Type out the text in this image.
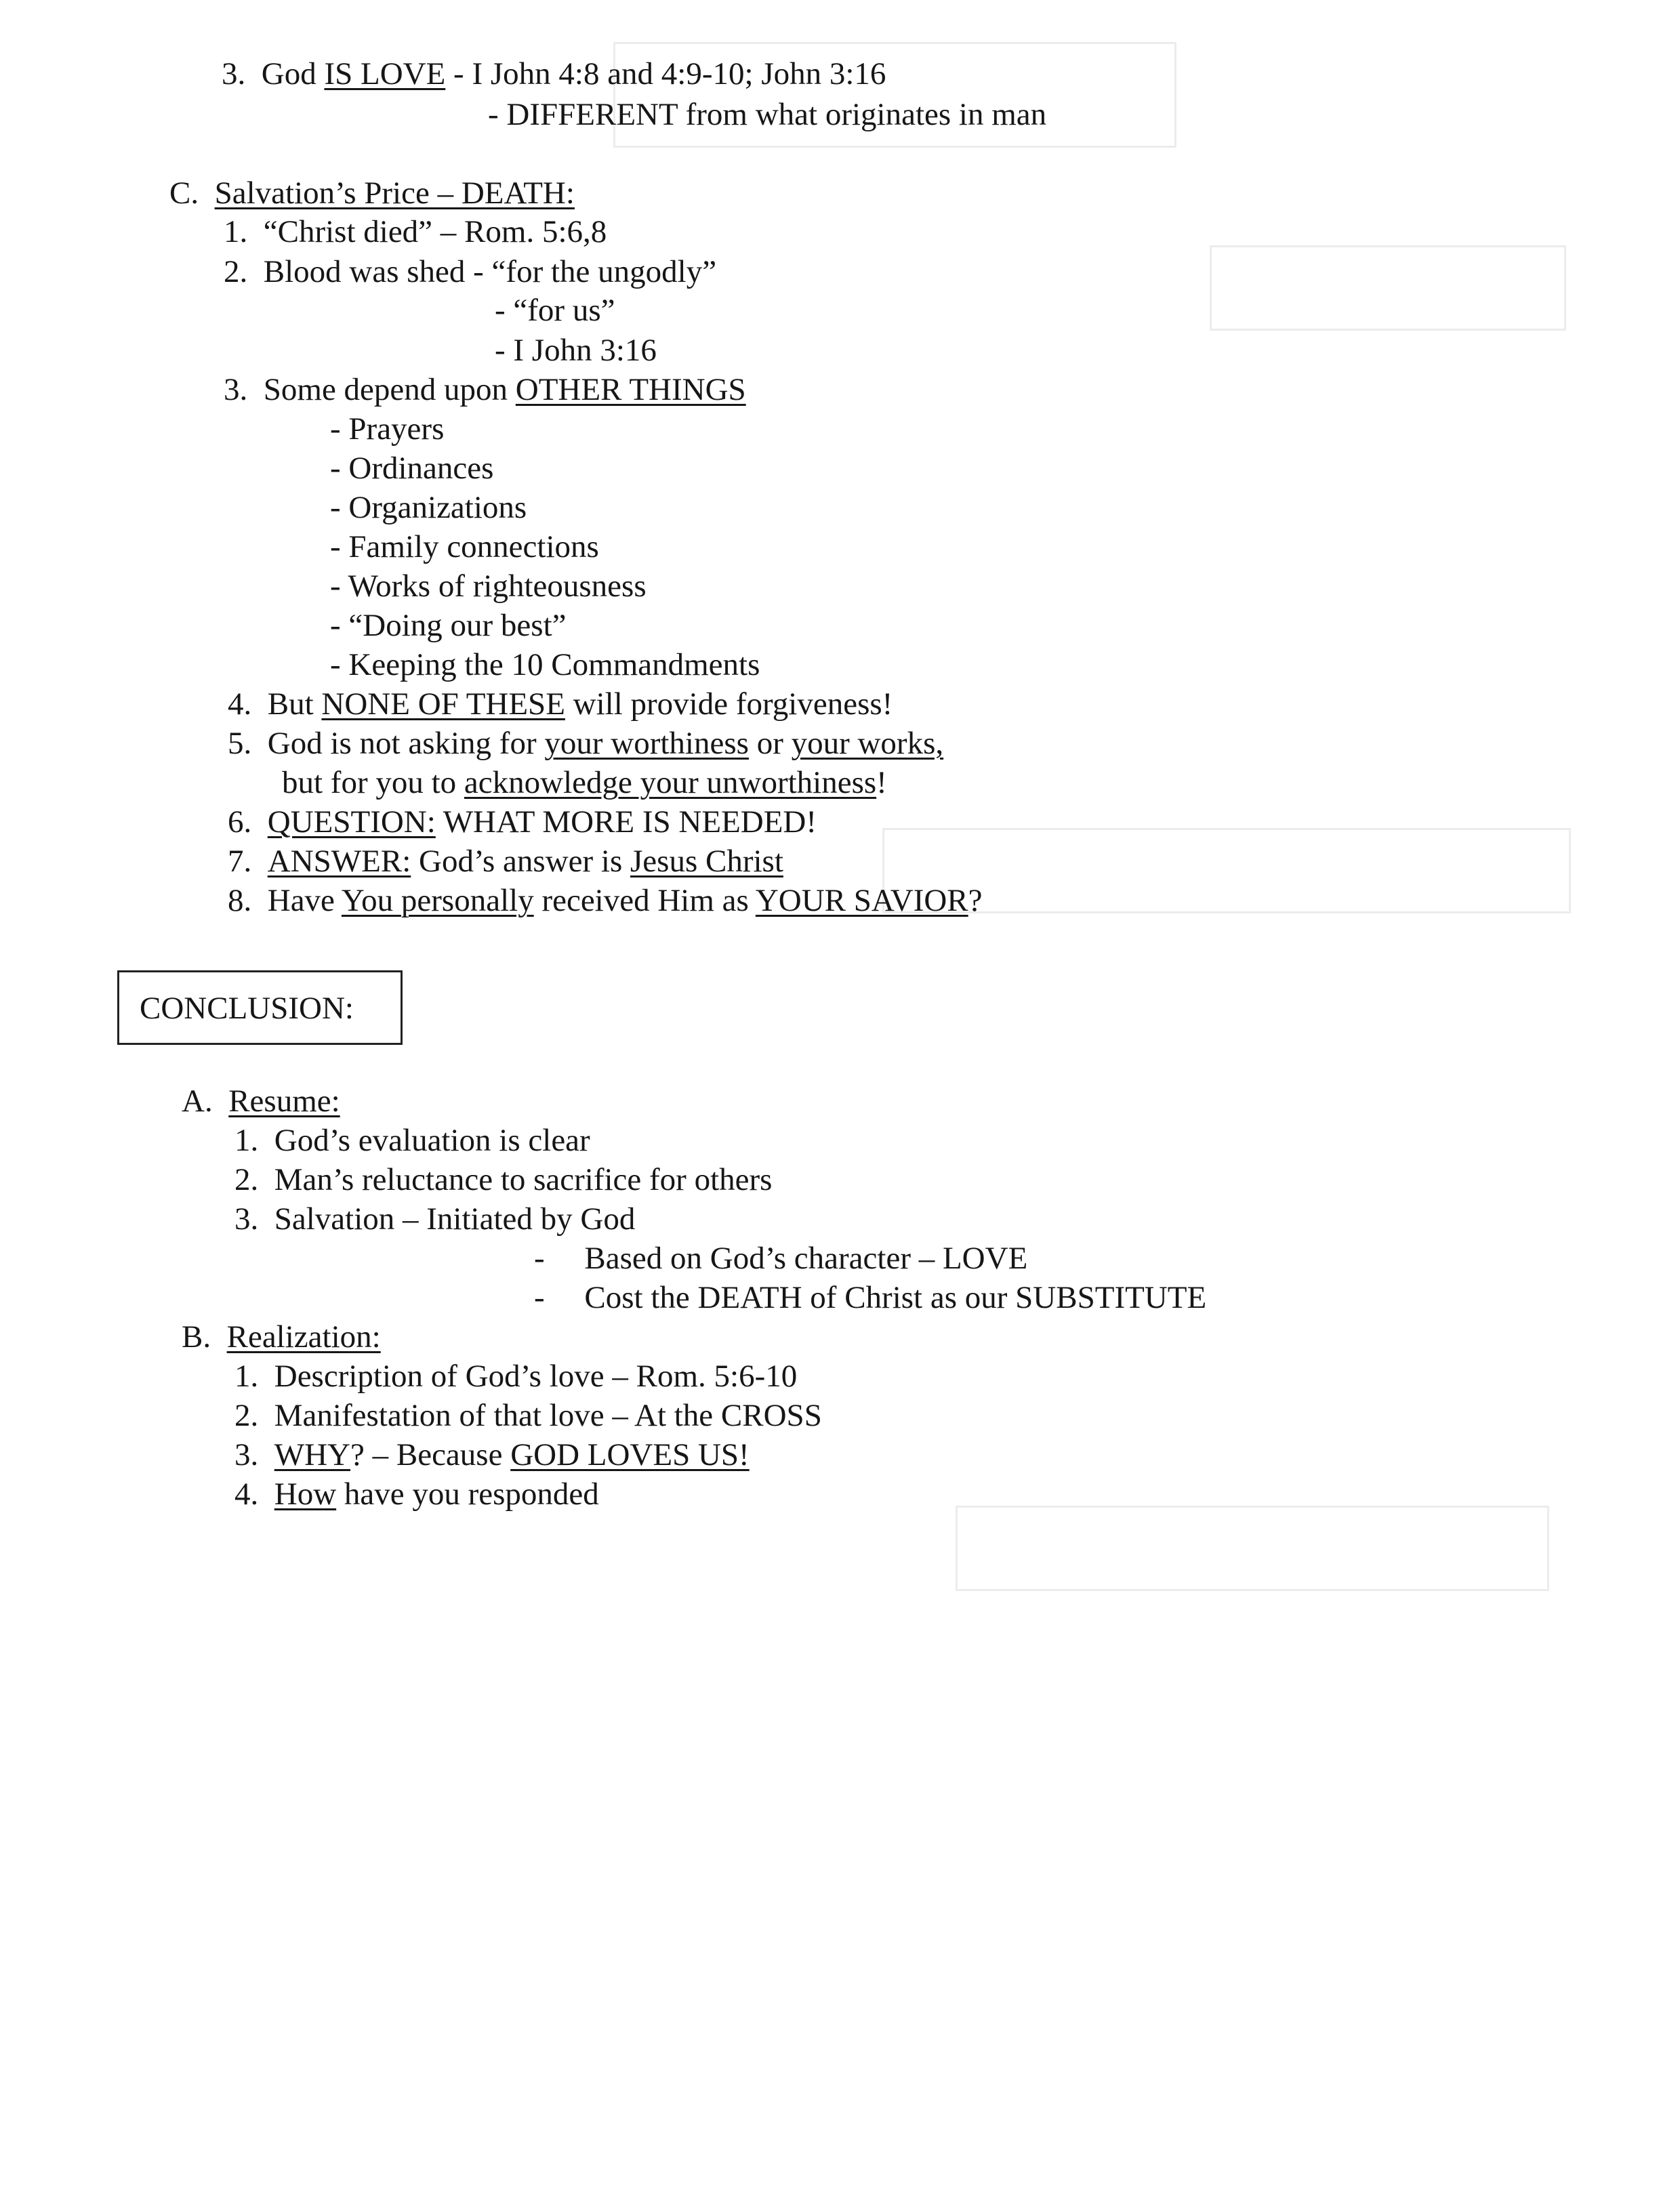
3. God IS LOVE - I John 4:8 and 4:9-10; John 3:16
- DIFFERENT from what originates in man
C. Salvation’s Price – DEATH:
1. “Christ died” – Rom. 5:6,8
2. Blood was shed - “for the ungodly”
- “for us”
- I John 3:16
3. Some depend upon OTHER THINGS
- Prayers
- Ordinances
- Organizations
- Family connections
- Works of righteousness
- “Doing our best”
- Keeping the 10 Commandments
4. But NONE OF THESE will provide forgiveness!
5. God is not asking for your worthiness or your works,
but for you to acknowledge your unworthiness!
6. QUESTION: WHAT MORE IS NEEDED!
7. ANSWER: God’s answer is Jesus Christ
8. Have You personally received Him as YOUR SAVIOR?
CONCLUSION:
A. Resume:
1. God’s evaluation is clear
2. Man’s reluctance to sacrifice for others
3. Salvation – Initiated by God
- Based on God’s character – LOVE
- Cost the DEATH of Christ as our SUBSTITUTE
B. Realization:
1. Description of God’s love – Rom. 5:6-10
2. Manifestation of that love – At the CROSS
3. WHY? – Because GOD LOVES US!
4. How have you responded
